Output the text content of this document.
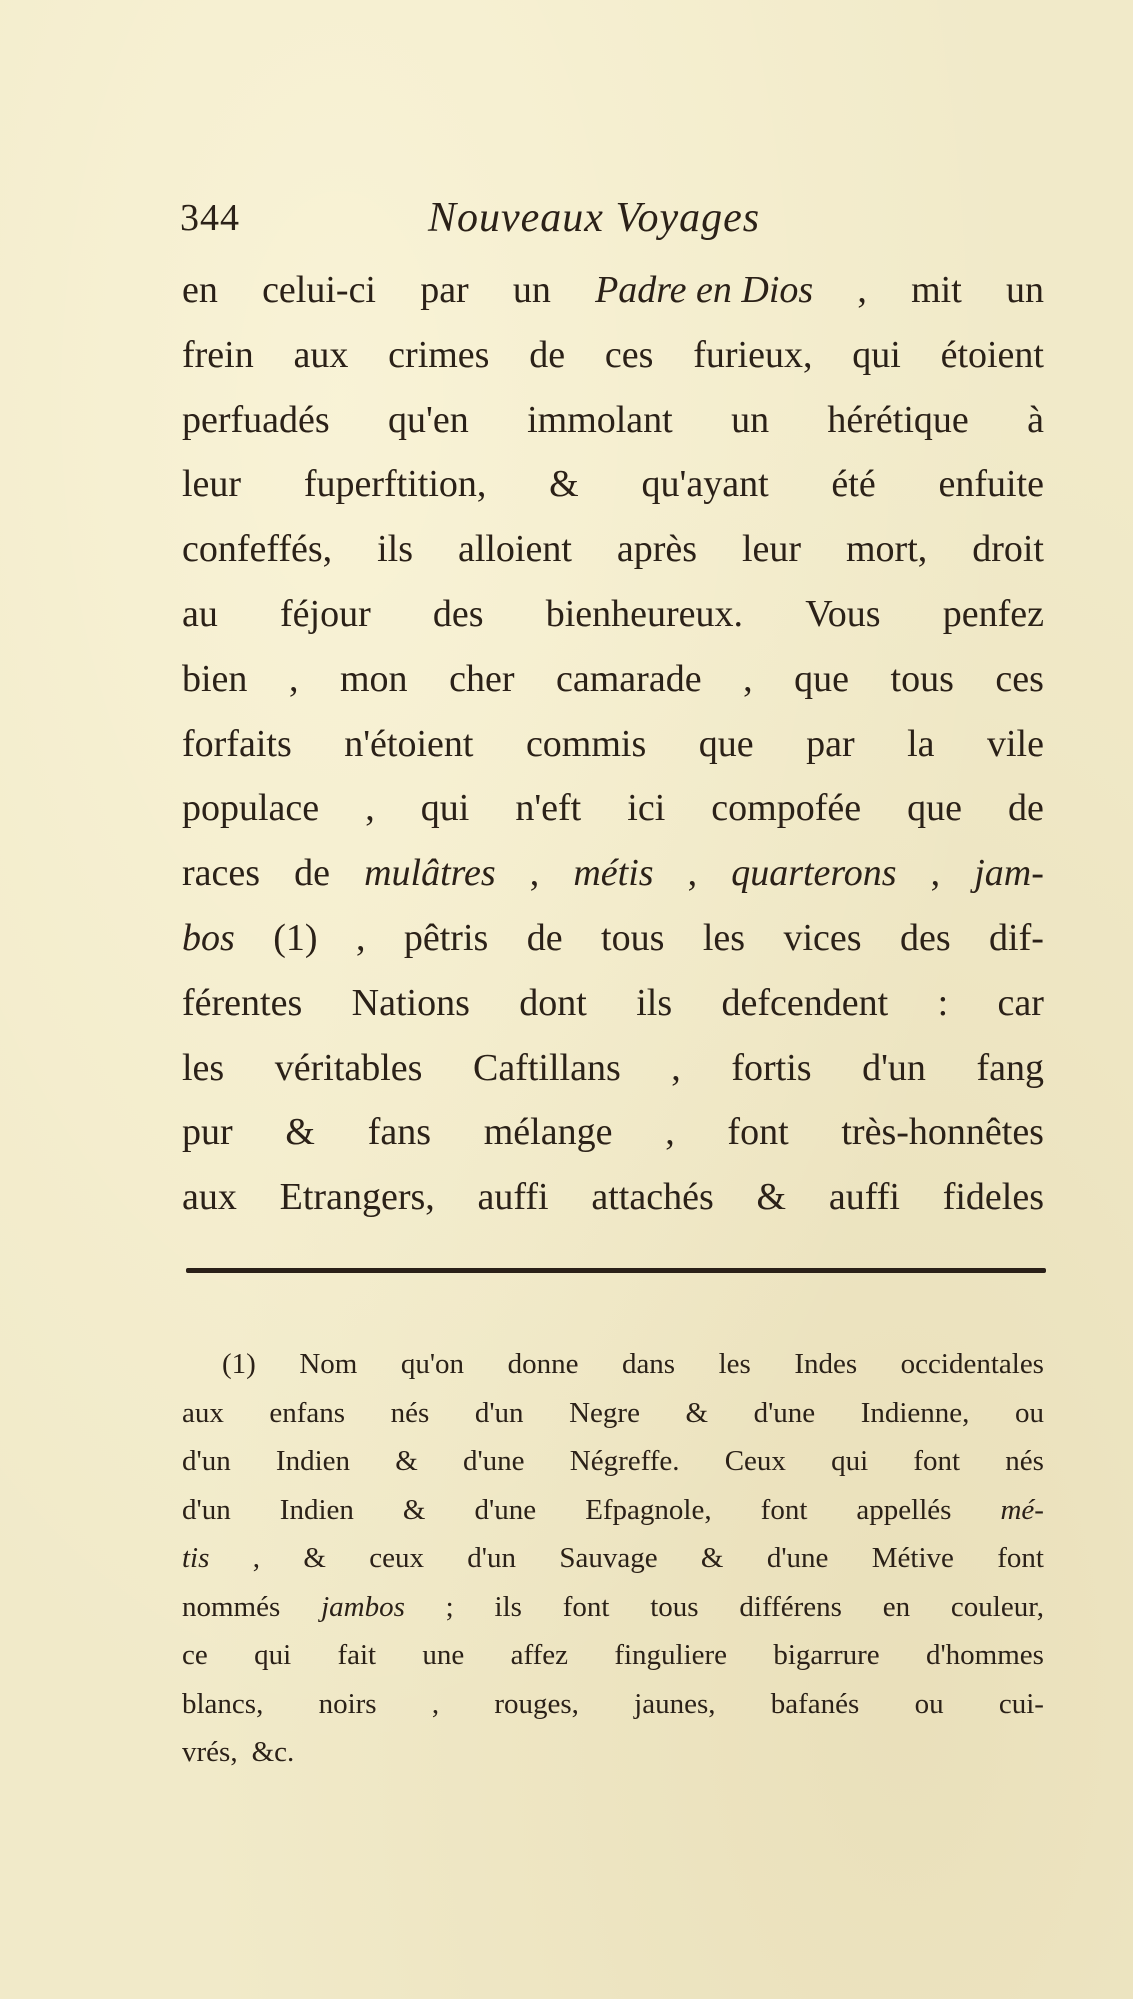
344	Nouveaux Voyages
en celui-ci par un Padre en Dios , mit un
frein aux crimes de ces furieux, qui étoient
perfuadés qu'en immolant un hérétique à
leur fuperftition, & qu'ayant été enfuite
confeffés, ils alloient après leur mort, droit
au féjour des bienheureux. Vous penfez
bien , mon cher camarade , que tous ces
forfaits n'étoient commis que par la vile
populace , qui n'eft ici compofée que de
races de mulâtres , métis , quarterons , jam-
bos (1) , pêtris de tous les vices des dif-
férentes Nations dont ils defcendent : car
les véritables Caftillans , fortis d'un fang
pur & fans mélange , font très-honnêtes
aux Etrangers, auffi attachés & auffi fideles
(1) Nom qu'on donne dans les Indes occidentales
aux enfans nés d'un Negre & d'une Indienne, ou
d'un Indien & d'une Négreffe. Ceux qui font nés
d'un Indien & d'une Efpagnole, font appellés mé-
tis , & ceux d'un Sauvage & d'une Métive font
nommés jambos ; ils font tous différens en couleur,
ce qui fait une affez finguliere bigarrure d'hommes
blancs, noirs , rouges, jaunes, bafanés ou cui-
vrés, &c.
